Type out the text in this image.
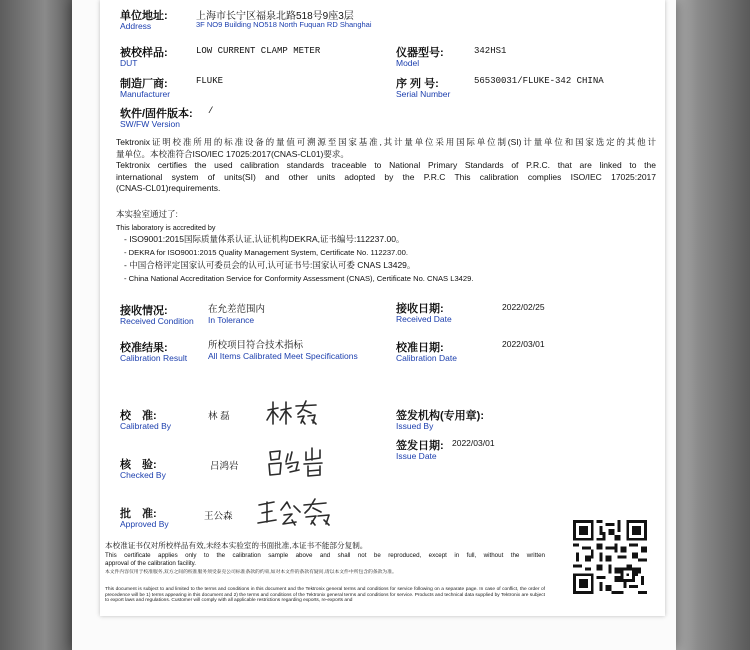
单位地址:
Address
上海市长宁区福泉北路518号9座3层
3F NO9 Building NO518 North Fuquan RD Shanghai
被校样品:
DUT
LOW CURRENT CLAMP METER	仪器型号:
Model
342HS1
制造厂商:
Manufacturer
FLUKE	序 列 号:
Serial Number
56530031/FLUKE-342 CHINA
软件/固件版本:
SW/FW Version
/
Tektronix证明校准所用的标准设备的量值可溯源至国家基准,其计量单位采用国际单位制(SI)计量单位和国家选定的其他计
量单位。本校准符合ISO/IEC 17025:2017(CNAS-CL01)要求。
Tektronix certifies the used calibration standards traceable to National Primary Standards of P.R.C. that are linked to the
international system of units(SI) and other units adopted by the P.R.C This calibration complies ISO/IEC 17025:2017
(CNAS-CL01)requirements.
本实验室通过了:
This laboratory is accredited by
- ISO9001:2015国际质量体系认证,认证机构DEKRA,证书编号:112237.00。
- DEKRA for ISO9001:2015 Quality Management System, Certificate No. 112237.00.
- 中国合格评定国家认可委员会的认可,认可证书号:国家认可委 CNAS L3429。
- China National Accreditation Service for Conformity Assessment (CNAS), Certificate No. CNAS L3429.
接收情况:
Received Condition
在允差范围内
In Tolerance
接收日期:
Received Date
2022/02/25
校准结果:
Calibration Result
所校项目符合技术指标
All Items Calibrated Meet Specifications
校准日期:
Calibration Date
2022/03/01
校　准:
Calibrated By
林 磊
核　验:
Checked By
吕鸿岩
批　准:
Approved By
王公森
签发机构(专用章):
Issued By
签发日期:
Issue Date
2022/03/01
本校准证书仅对所校样品有效,未经本实验室的书面批准,本证书不能部分复制。
This certificate applies only to the calibration sample above and shall not be reproduced, except in full, without the written
approval of the calibration facility.
本文件内容仅用于校准服务,双方之间的校准服务须受泰克公司标准条款的约束,如对本文件的条款有疑问,请以本文件中所包含的条款为准。
This document is subject to and limited to the terms and conditions in this document and the Tektronix general terms and conditions for service following on a separate page. In case of conflict, the order of precedence will be 1) terms appearing in this document and 2) the terms and conditions of the Tektronix general terms and conditions for service. Products and technical data supplied by Tektronix are subject to export laws and regulations. Customer will comply with all applicable restrictions regarding exports, re-exports and
